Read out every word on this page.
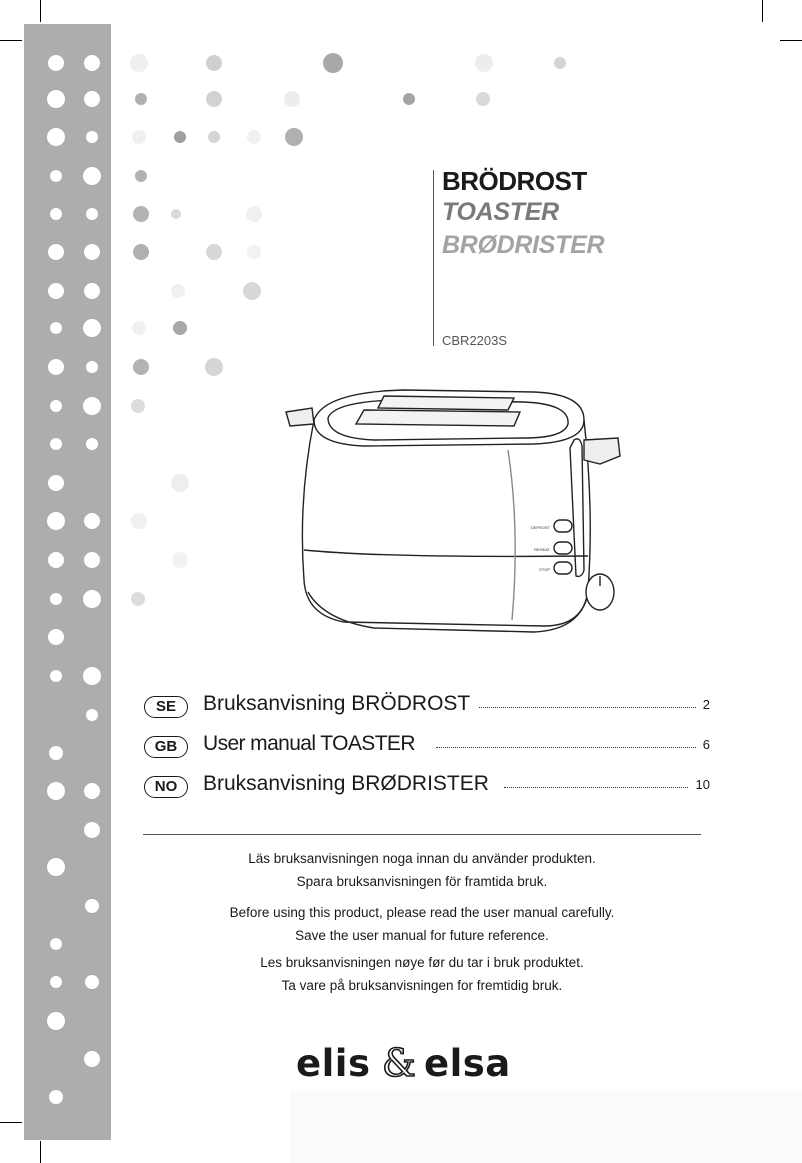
BRÖDROST
TOASTER
BRØDRISTER
CBR2203S
DEFROST
REHEAT
STOP
SE	Bruksanvisning BRÖDROST	2
GB	User manual TOASTER	6
NO	Bruksanvisning BRØDRISTER	10
Läs bruksanvisningen noga innan du använder produkten.
Spara bruksanvisningen för framtida bruk.
Before using this product, please read the user manual carefully.
Save the user manual for future reference.
Les bruksanvisningen nøye før du tar i bruk produktet.
Ta vare på bruksanvisningen for fremtidig bruk.
elis & elsa
